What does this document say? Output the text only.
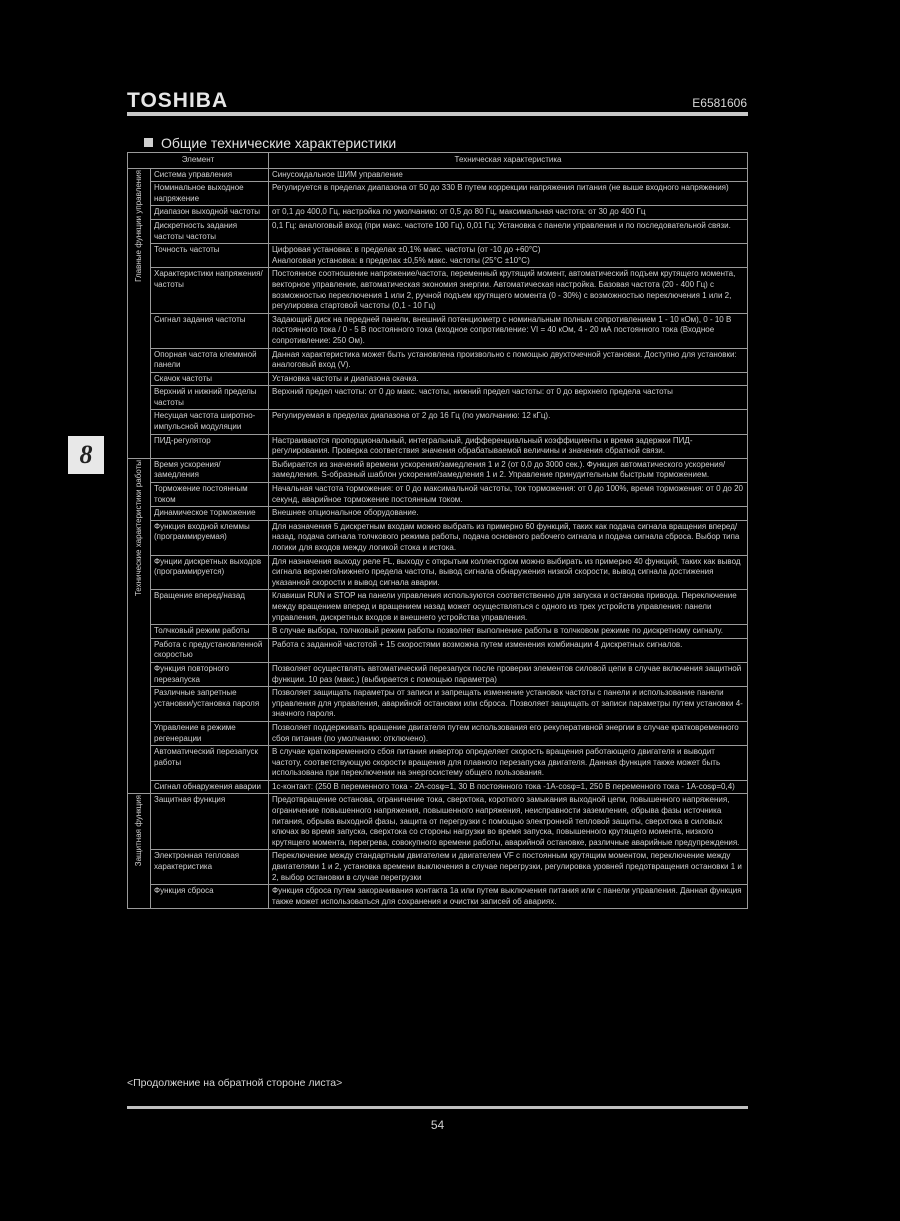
TOSHIBA	E6581606
Общие технические характеристики
8
Элемент		Техническая характеристика

Главные функции управления	Система управления	Синусоидальное ШИМ управление
	Номинальное выходное напряжение	Регулируется в пределах диапазона от 50 до 330 В путем коррекции напряжения питания (не выше входного напряжения)
	Диапазон выходной частоты	от 0,1 до 400,0 Гц, настройка по умолчанию: от 0,5 до 80 Гц, максимальная частота: от 30 до 400 Гц
	Дискретность задания частоты частоты	0,1 Гц: аналоговый вход (при макс. частоте 100 Гц), 0,01 Гц: Установка с панели управления и по последовательной связи.
	Точность частоты	Цифровая установка: в пределах ±0,1% макс. частоты (от -10 до +60°C)
Аналоговая установка: в пределах ±0,5% макс. частоты (25°C ±10°C)
	Характеристики напряжения/частоты	Постоянное соотношение напряжение/частота, переменный крутящий момент, автоматический подъем крутящего момента, векторное управление, автоматическая экономия энергии. Автоматическая настройка. Базовая частота (20 - 400 Гц) с возможностью переключения 1 или 2, ручной подъем крутящего момента (0 - 30%) с возможностью переключения 1 или 2, регулировка стартовой частоты (0,1 - 10 Гц)
	Сигнал задания частоты	Задающий диск на передней панели, внешний потенциометр с номинальным полным сопротивлением 1 - 10 кОм), 0 - 10 В постоянного тока / 0 - 5 В постоянного тока (входное сопротивление: VI = 40 кОм, 4 - 20 мА постоянного тока (Входное сопротивление: 250 Ом).
	Опорная частота клеммной панели	Данная характеристика может быть установлена произвольно с помощью двухточечной установки. Доступно для установки: аналоговый вход (V).
	Скачок частоты	Установка частоты и диапазона скачка.
	Верхний и нижний пределы частоты	Верхний предел частоты: от 0 до макс. частоты, нижний предел частоты: от 0 до верхнего предела частоты
	Несущая частота широтно-импульсной модуляции	Регулируемая в пределах диапазона от 2 до 16 Гц (по умолчанию: 12 кГц).
	ПИД-регулятор	Настраиваются пропорциональный, интегральный, дифференциальный коэффициенты и время задержки ПИД-регулирования. Проверка соответствия значения обрабатываемой величины и значения обратной связи.

Технические характеристики работы	Время ускорения/ замедления	Выбирается из значений времени ускорения/замедления 1 и 2 (от 0,0 до 3000 сек.). Функция автоматического ускорения/замедления. S-образный шаблон ускорения/замедления 1 и 2. Управление принудительным быстрым торможением.
	Торможение постоянным током	Начальная частота торможения: от 0 до максимальной частоты, ток торможения: от 0 до 100%, время торможения: от 0 до 20 секунд, аварийное торможение постоянным током.
	Динамическое торможение	Внешнее опциональное оборудование.
	Функция входной клеммы (программируемая)	Для назначения 5 дискретным входам можно выбрать из примерно 60 функций, таких как подача сигнала вращения вперед/назад, подача сигнала толчкового режима работы, подача основного рабочего сигнала и подача сигнала сброса. Выбор типа логики для входов между логикой стока и истока.
	Фунции дискретных выходов (программируется)	Для назначения выходу реле FL, выходу с открытым коллектором можно выбирать из примерно 40 функций, таких как вывод сигнала верхнего/нижнего предела частоты, вывод сигнала обнаружения низкой скорости, вывод сигнала достижения указанной скорости и вывод сигнала аварии.
	Вращение вперед/назад	Клавиши RUN и STOP на панели управления используются соответственно для запуска и останова привода. Переключение между вращением вперед и вращением назад может осуществляться с одного из трех устройств управления: панели управления, дискретных входов и внешнего устройства управления.
	Толчковый режим работы	В случае выбора, толчковый режим работы позволяет выполнение работы в толчковом режиме по дискретному сигналу.
	Работа с предустановленной скоростью	Работа с заданной частотой + 15 скоростями возможна путем изменения комбинации 4 дискретных сигналов.
	Функция повторного перезапуска	Позволяет осуществлять автоматический перезапуск после проверки элементов силовой цепи в случае включения защитной функции. 10 раз (макс.) (выбирается с помощью параметра)
	Различные запретные установки/установка пароля	Позволяет защищать параметры от записи и запрещать изменение установок частоты с панели и использование панели управления для управления, аварийной остановки или сброса. Позволяет защищать от записи параметры путем установки 4-значного пароля.
	Управление в режиме регенерации	Позволяет поддерживать вращение двигателя путем использования его рекуперативной энергии в случае кратковременного сбоя питания (по умолчанию: отключено).
	Автоматический перезапуск работы	В случае кратковременного сбоя питания инвертор определяет скорость вращения работающего двигателя и выводит частоту, соответствующую скорости вращения для плавного перезапуска двигателя. Данная функция также может быть использована при переключении на энергосистему общего пользования.
	Сигнал обнаружения аварии	1с-контакт: (250 В переменного тока - 2А-cosφ=1, 30 В постоянного тока -1А-cosφ=1, 250 В переменного тока - 1А-cosφ=0,4)

Защитная функция	Защитная функция	Предотвращение останова, ограничение тока, сверхтока, короткого замыкания выходной цепи, повышенного напряжения, ограничение повышенного напряжения, повышенного напряжения, неисправности заземления, обрыва фазы источника питания, обрыва выходной фазы, защита от перегрузки с помощью электронной тепловой защиты, сверхтока в силовых ключах во время запуска, сверхтока со стороны нагрузки во время запуска, повышенного крутящего момента, низкого крутящего момента, перегрева, совокупного времени работы, аварийной остановке, различные аварийные предупреждения.
	Электронная тепловая характеристика	Переключение между стандартным двигателем и двигателем VF с постоянным крутящим моментом, переключение между двигателями 1 и 2, установка времени выключения в случае перегрузки, регулировка уровней предотвращения остановки 1 и 2, выбор остановки в случае перегрузки
	Функция сброса	Функция сброса путем закорачивания контакта 1а или путем выключения питания или с панели управления. Данная функция также может использоваться для сохранения и очистки записей об авариях.
<Продолжение на обратной стороне листа>
54
